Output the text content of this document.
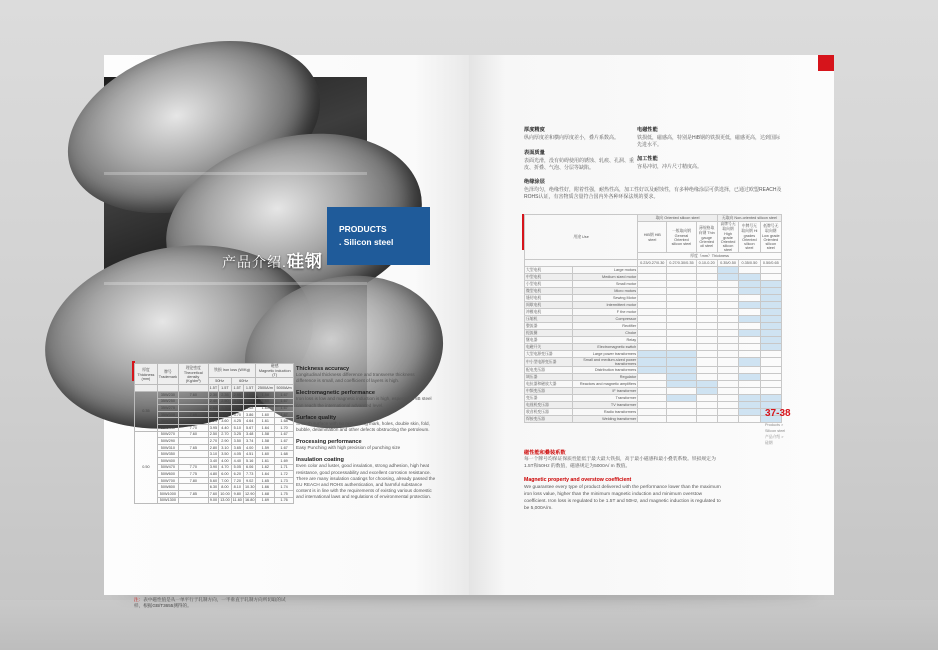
产品介绍.硅钢
PRODUCTS
. Silicon steel
厚度
Thickness (mm)	牌号
Trademark	理论密度
Theoretical density (Kg/dm³)	铁损 Iron loss (W/Kg)				磁感
Magnetic induction (T)	
			50Hz		60Hz			
			1.5T	1.5T	1.5T	1.5T	2500A/m	5000A/m
0.35	35W230	7.60	2.30	2.35	2.95	3.03	1.58	1.67
	35W250		2.40	2.50	3.10	3.22	1.60	1.67
	35W270		2.60	2.70	3.35	3.48	1.60	1.67
	35W300	7.65	2.85	3.00	3.70	3.86	1.60	1.67
	35W360		3.25	3.60	4.25	4.64	1.61	1.68
	35W440	7.70	3.95	4.40	5.10	5.67	1.64	1.70
0.50	50W270	7.60	2.50	2.70	3.25	3.48	1.58	1.67
	50W290		2.70	2.90	3.50	3.74	1.58	1.67
	50W310	7.65	2.80	3.10	3.65	4.00	1.59	1.67
	50W350		3.10	3.50	4.05	4.51	1.60	1.68
	50W400		3.40	4.00	4.40	5.16	1.61	1.69
	50W470	7.70	3.90	4.70	5.05	6.06	1.62	1.71
	50W600	7.75	4.80	6.00	6.20	7.73	1.64	1.72
	50W700	7.80	5.60	7.00	7.20	9.02	1.65	1.73
	50W800		6.30	8.00	8.10	10.30	1.66	1.74
	50W1000	7.85	7.60	10.00	9.80	12.90	1.68	1.75
	50W1300		9.00	13.00	11.60	16.80	1.69	1.76
注：表中磁性值是从一单平行于轧制方向，一半垂直于轧制方向所切取的试样，根据GB/T3655测得的。
Thickness accuracy
Longitudinal thickness difference and transverse thickness difference is small, and coefficient of layers is high.
Electromagnetic performance
Iron loss is low and magnetic induction is high, especially HiB steel can reach the international advanced level.
Surface quality
Smooth surface with no rust, rolling mark, holes, double skin, fold, bubble, delamination and other defects obstructing the petroleum.
Processing performance
Easy Punching with high precision of punching size
Insulation coating
Even color and luster, good insulation, strong adhesion, high heat resistance, good processability and excellent corrosion resistance. There are many insulation coatings for choosing, already passed the EU REACH and ROHS authentication, and harmful substance content is in line with the requirements of existing various domestic and international laws and regulations of environmental protection.
厚度精度
纵向厚度差和横向厚度差小，叠片系数高。
电磁性能
铁损低，磁感高，特别是HiB钢的铁损更低，磁感更高，达到国际先进水平。
表面质量
表面光滑，没有妨碍使用的锈蚀、轧痕、孔洞、重皮、折叠、气泡、分层等缺陷。
加工性能
容易冲切，冲片尺寸精度高。
绝缘涂层
色泽均匀，绝缘性好，附着性强，耐热性高，加工性好以及耐蚀性，有多种绝缘涂层可供选择，已通过欧盟REACH及ROHS认证，有害物质含量符合国内外各种环保法规的要求。
用途 Use		取向 Oriented silicon steel			无取向 Non-oriented silicon steel		
		HiB钢 HiB steel	一般取向钢 General Oriented silicon steel	薄规格取向钢 Thin gauge Oriented oil steel	高牌号无取向钢 High grade Oriented silicon steel	中牌号无取向钢 Hi grades Oriented silicon steel	低牌号无取向钢 Low grade Oriented silicon steel
		厚度（mm）Thickness					
		0.23/0.27/0.30	0.27/0.30/0.35	0.10-0.20	0.35/0.50	0.35/0.50	0.50/0.65
大型电机	Large motors						
中型电机	Medium sized motor						
小型电机	Small motor						
微型电机	Micro motors						
缝纫电机	Sewing Motor						
间歇电机	Intermittent motor						
冲模电机	F the motor						
压缩机	Compressor						
整流器	Rectifier						
扼流圈	Choke						
继电器	Relay						
电磁开关	Electromagnetic switch						
大型电源变压器	Large power transformers						
中小型电源变压器	Small and medium-sized power transformers						
配电变压器	Distribution transformers						
调压器	Regulator						
电抗器和磁放大器	Reactors and magnetic amplifiers						
中频变压器	IF transformer						
变压器	Transformer						
电视机变压器	TV transformer						
收音机变压器	Radio transformers						
焊接变压器	Welding transformer						
磁性能和叠装系数
每一个牌号均保证保质性能低于最大最大铁损，高于最小磁感和最小叠装系数。铁损规定为1.5T和50Hz 的数值，磁感规定为5000A/ m 数值。
Magnetic property and overstow coefficient
We guarantee every type of product delivered with the performance lower than the maximum iron loss value, higher than the minimum magnetic induction and minimum overstow coefficient. Iron loss is regulated to be 1.5T and 50Hz, and magnetic induction is regulated to be 5,000A/m.
37-38
Products >
Silicon steel
产品介绍 >
硅钢
